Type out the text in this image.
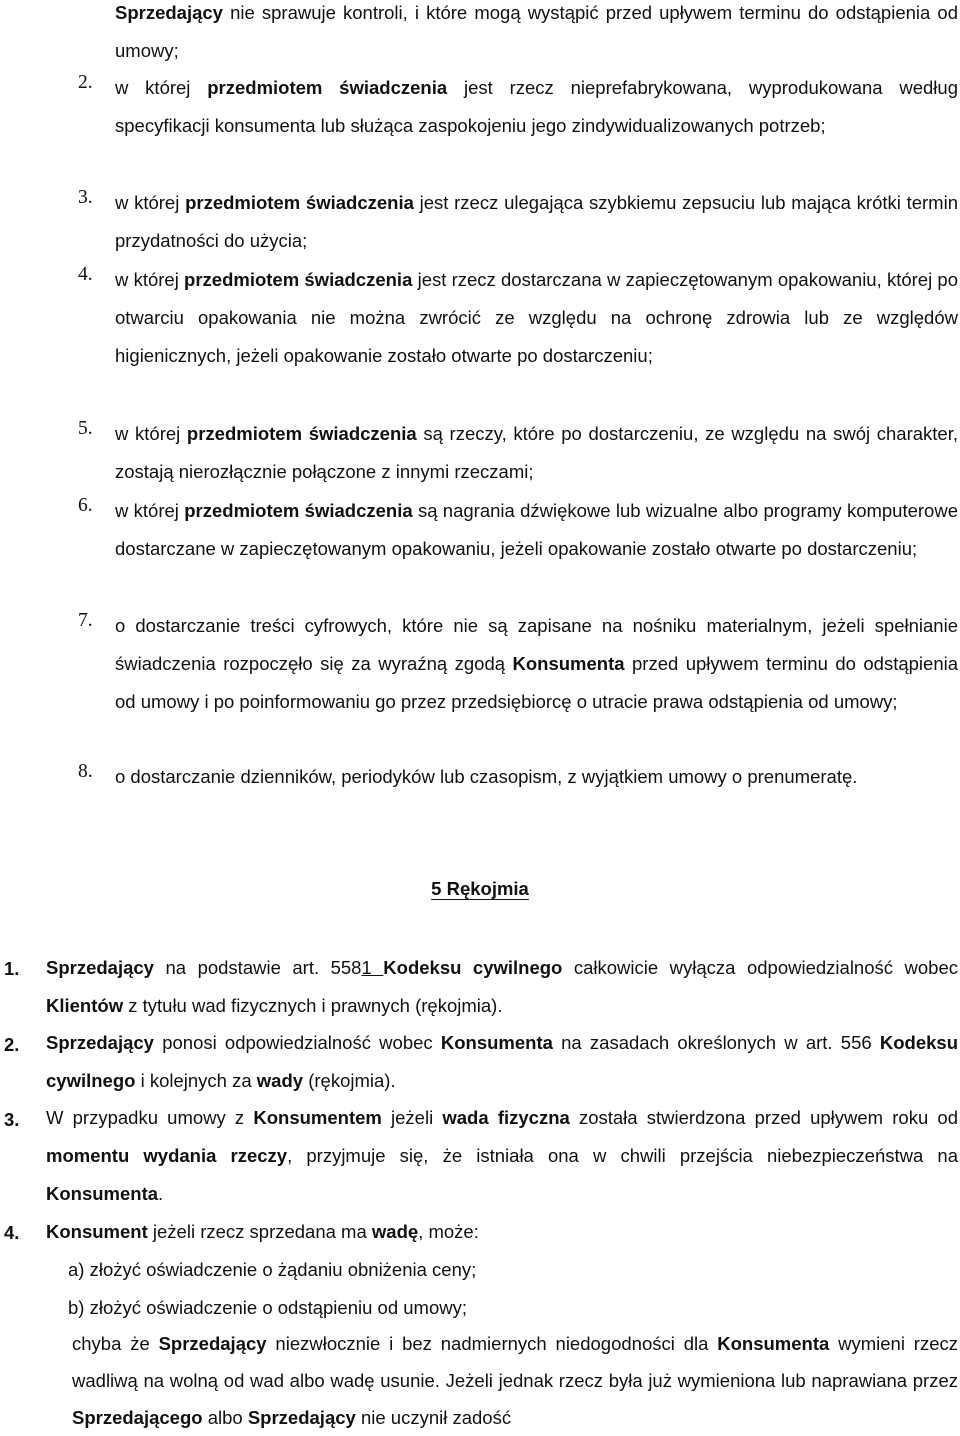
Sprzedający nie sprawuje kontroli, i które mogą wystąpić przed upływem terminu do odstąpienia od umowy;
2. w której przedmiotem świadczenia jest rzecz nieprefabrykowana, wyprodukowana według specyfikacji konsumenta lub służąca zaspokojeniu jego zindywidualizowanych potrzeb;
3. w której przedmiotem świadczenia jest rzecz ulegająca szybkiemu zepsuciu lub mająca krótki termin przydatności do użycia;
4. w której przedmiotem świadczenia jest rzecz dostarczana w zapieczętowanym opakowaniu, której po otwarciu opakowania nie można zwrócić ze względu na ochronę zdrowia lub ze względów higienicznych, jeżeli opakowanie zostało otwarte po dostarczeniu;
5. w której przedmiotem świadczenia są rzeczy, które po dostarczeniu, ze względu na swój charakter, zostają nierozłącznie połączone z innymi rzeczami;
6. w której przedmiotem świadczenia są nagrania dźwiękowe lub wizualne albo programy komputerowe dostarczane w zapieczętowanym opakowaniu, jeżeli opakowanie zostało otwarte po dostarczeniu;
7. o dostarczanie treści cyfrowych, które nie są zapisane na nośniku materialnym, jeżeli spełnianie świadczenia rozpoczęło się za wyraźną zgodą Konsumenta przed upływem terminu do odstąpienia od umowy i po poinformowaniu go przez przedsiębiorcę o utracie prawa odstąpienia od umowy;
8. o dostarczanie dzienników, periodyków lub czasopism, z wyjątkiem umowy o prenumeratę.
5 Rękojmia
1. Sprzedający na podstawie art. 5581 Kodeksu cywilnego całkowicie wyłącza odpowiedzialność wobec Klientów z tytułu wad fizycznych i prawnych (rękojmia).
2. Sprzedający ponosi odpowiedzialność wobec Konsumenta na zasadach określonych w art. 556 Kodeksu cywilnego i kolejnych za wady (rękojmia).
3. W przypadku umowy z Konsumentem jeżeli wada fizyczna została stwierdzona przed upływem roku od momentu wydania rzeczy, przyjmuje się, że istniała ona w chwili przejścia niebezpieczeństwa na Konsumenta.
4. Konsument jeżeli rzecz sprzedana ma wadę, może:
a) złożyć oświadczenie o żądaniu obniżenia ceny;
b) złożyć oświadczenie o odstąpieniu od umowy;
chyba że Sprzedający niezwłocznie i bez nadmiernych niedogodności dla Konsumenta wymieni rzecz wadliwą na wolną od wad albo wadę usunie. Jeżeli jednak rzecz była już wymieniona lub naprawiana przez Sprzedającego albo Sprzedający nie uczynił zadość
